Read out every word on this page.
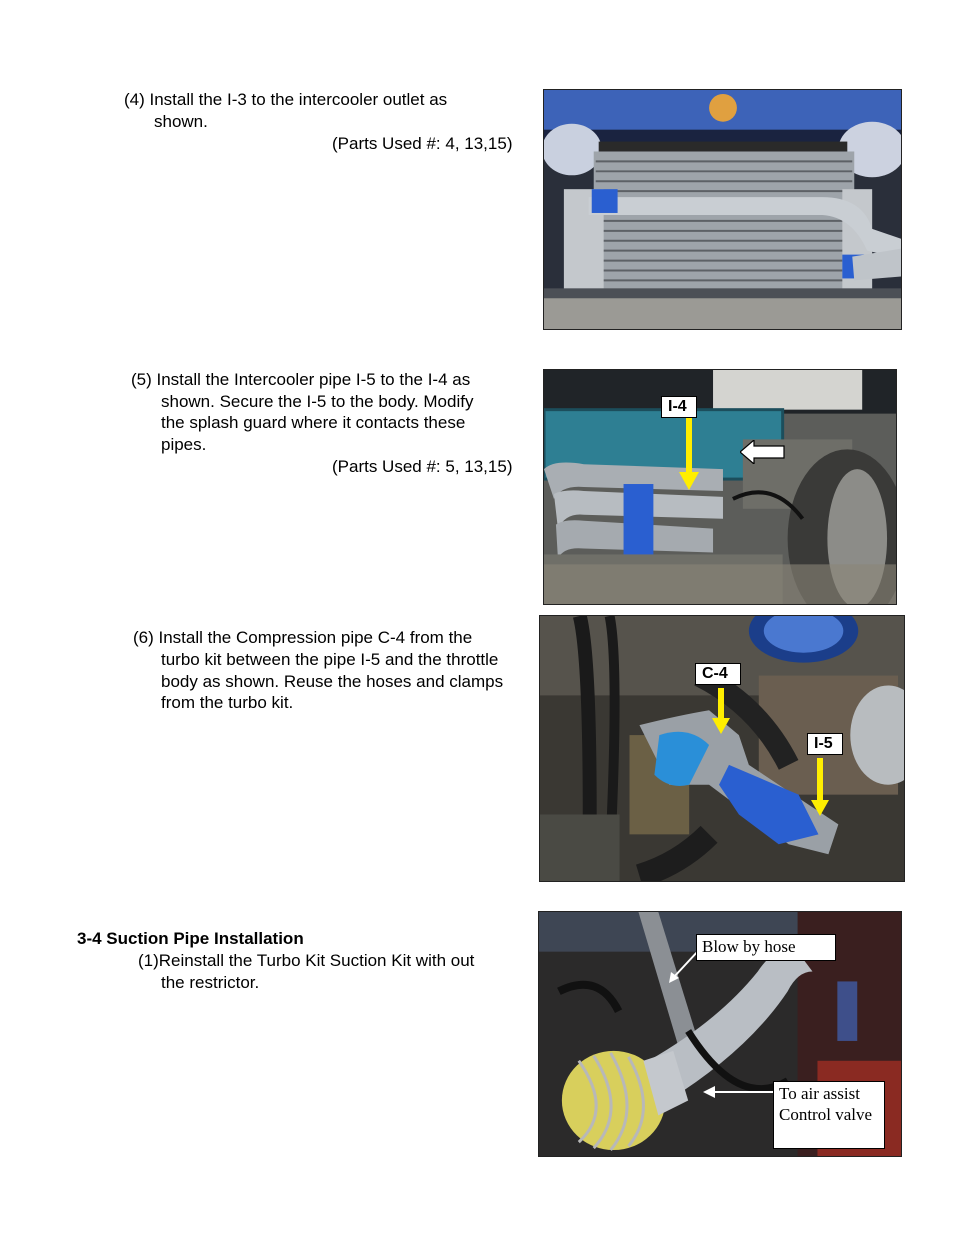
(4) Install the I-3 to the intercooler outlet as
shown.
(Parts Used #: 4, 13,15)
(5) Install the Intercooler pipe I-5 to the I-4 as
shown. Secure the I-5 to the body. Modify
the splash guard where it contacts these
pipes.
(Parts Used #: 5, 13,15)
I-4
(6) Install the Compression pipe C-4 from the
turbo kit between the pipe I-5 and the throttle
body as shown. Reuse the hoses and clamps
from the turbo kit.
C-4
I-5
3-4 Suction Pipe Installation
(1)Reinstall the Turbo Kit Suction Kit with out
the restrictor.
Blow by hose
To air assist
Control valve
